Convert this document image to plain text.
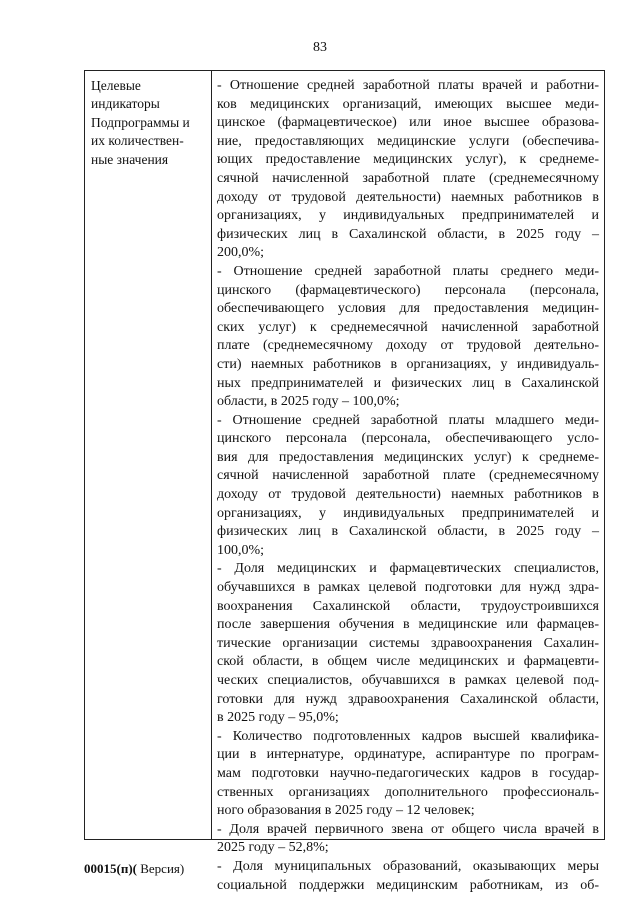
83
Целевые
индикаторы
Подпрограммы и
их количествен-
ные значения
- Отношение средней заработной платы врачей и работни-
ков медицинских организаций, имеющих высшее меди-
цинское (фармацевтическое) или иное высшее образова-
ние, предоставляющих медицинские услуги (обеспечива-
ющих предоставление медицинских услуг), к среднеме-
сячной начисленной заработной плате (среднемесячному
доходу от трудовой деятельности) наемных работников в
организациях, у индивидуальных предпринимателей и
физических лиц в Сахалинской области, в 2025 году –
200,0%;
- Отношение средней заработной платы среднего меди-
цинского (фармацевтического) персонала (персонала,
обеспечивающего условия для предоставления медицин-
ских услуг) к среднемесячной начисленной заработной
плате (среднемесячному доходу от трудовой деятельно-
сти) наемных работников в организациях, у индивидуаль-
ных предпринимателей и физических лиц в Сахалинской
области, в 2025 году – 100,0%;
- Отношение средней заработной платы младшего меди-
цинского персонала (персонала, обеспечивающего усло-
вия для предоставления медицинских услуг) к среднеме-
сячной начисленной заработной плате (среднемесячному
доходу от трудовой деятельности) наемных работников в
организациях, у индивидуальных предпринимателей и
физических лиц в Сахалинской области, в 2025 году –
100,0%;
- Доля медицинских и фармацевтических специалистов,
обучавшихся в рамках целевой подготовки для нужд здра-
воохранения Сахалинской области, трудоустроившихся
после завершения обучения в медицинские или фармацев-
тические организации системы здравоохранения Сахалин-
ской области, в общем числе медицинских и фармацевти-
ческих специалистов, обучавшихся в рамках целевой под-
готовки для нужд здравоохранения Сахалинской области,
в 2025 году – 95,0%;
- Количество подготовленных кадров высшей квалифика-
ции в интернатуре, ординатуре, аспирантуре по програм-
мам подготовки научно-педагогических кадров в государ-
ственных организациях дополнительного профессиональ-
ного образования в 2025 году – 12 человек;
- Доля врачей первичного звена от общего числа врачей в
2025 году – 52,8%;
- Доля муниципальных образований, оказывающих меры
социальной поддержки медицинским работникам, из об-
00015(п)( Версия)
